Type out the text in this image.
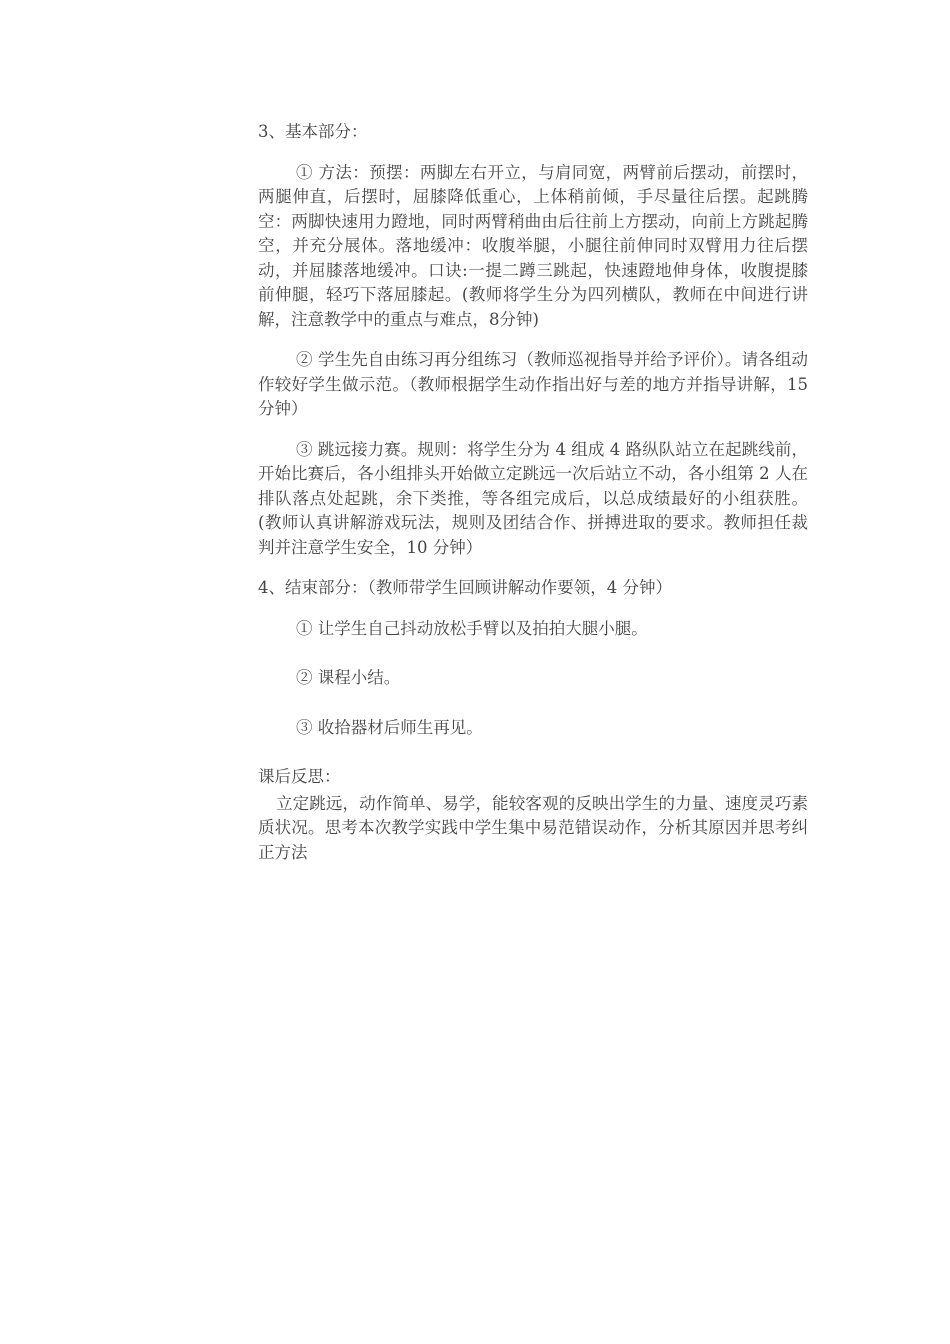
3、基本部分：

① 方法：预摆：两脚左右开立，与肩同宽，两臂前后摆动，前摆时，两腿伸直，后摆时，屈膝降低重心，上体稍前倾，手尽量往后摆。起跳腾空：两脚快速用力蹬地，同时两臂稍曲由后往前上方摆动，向前上方跳起腾空，并充分展体。落地缓冲：收腹举腿，小腿往前伸同时双臂用力往后摆动，并屈膝落地缓冲。口诀:一提二蹲三跳起，快速蹬地伸身体，收腹提膝前伸腿，轻巧下落屈膝起。(教师将学生分为四列横队，教师在中间进行讲解，注意教学中的重点与难点，8分钟)

② 学生先自由练习再分组练习（教师巡视指导并给予评价）。请各组动作较好学生做示范。（教师根据学生动作指出好与差的地方并指导讲解，15 分钟）

③ 跳远接力赛。规则：将学生分为 4 组成 4 路纵队站立在起跳线前，开始比赛后，各小组排头开始做立定跳远一次后站立不动，各小组第 2 人在排队落点处起跳，余下类推，等各组完成后，以总成绩最好的小组获胜。(教师认真讲解游戏玩法，规则及团结合作、拼搏进取的要求。教师担任裁判并注意学生安全，10 分钟）

4、结束部分：（教师带学生回顾讲解动作要领，4 分钟）

① 让学生自己抖动放松手臂以及拍拍大腿小腿。

② 课程小结。

③ 收拾器材后师生再见。

课后反思：

立定跳远，动作简单、易学，能较客观的反映出学生的力量、速度灵巧素质状况。思考本次教学实践中学生集中易范错误动作，分析其原因并思考纠正方法
